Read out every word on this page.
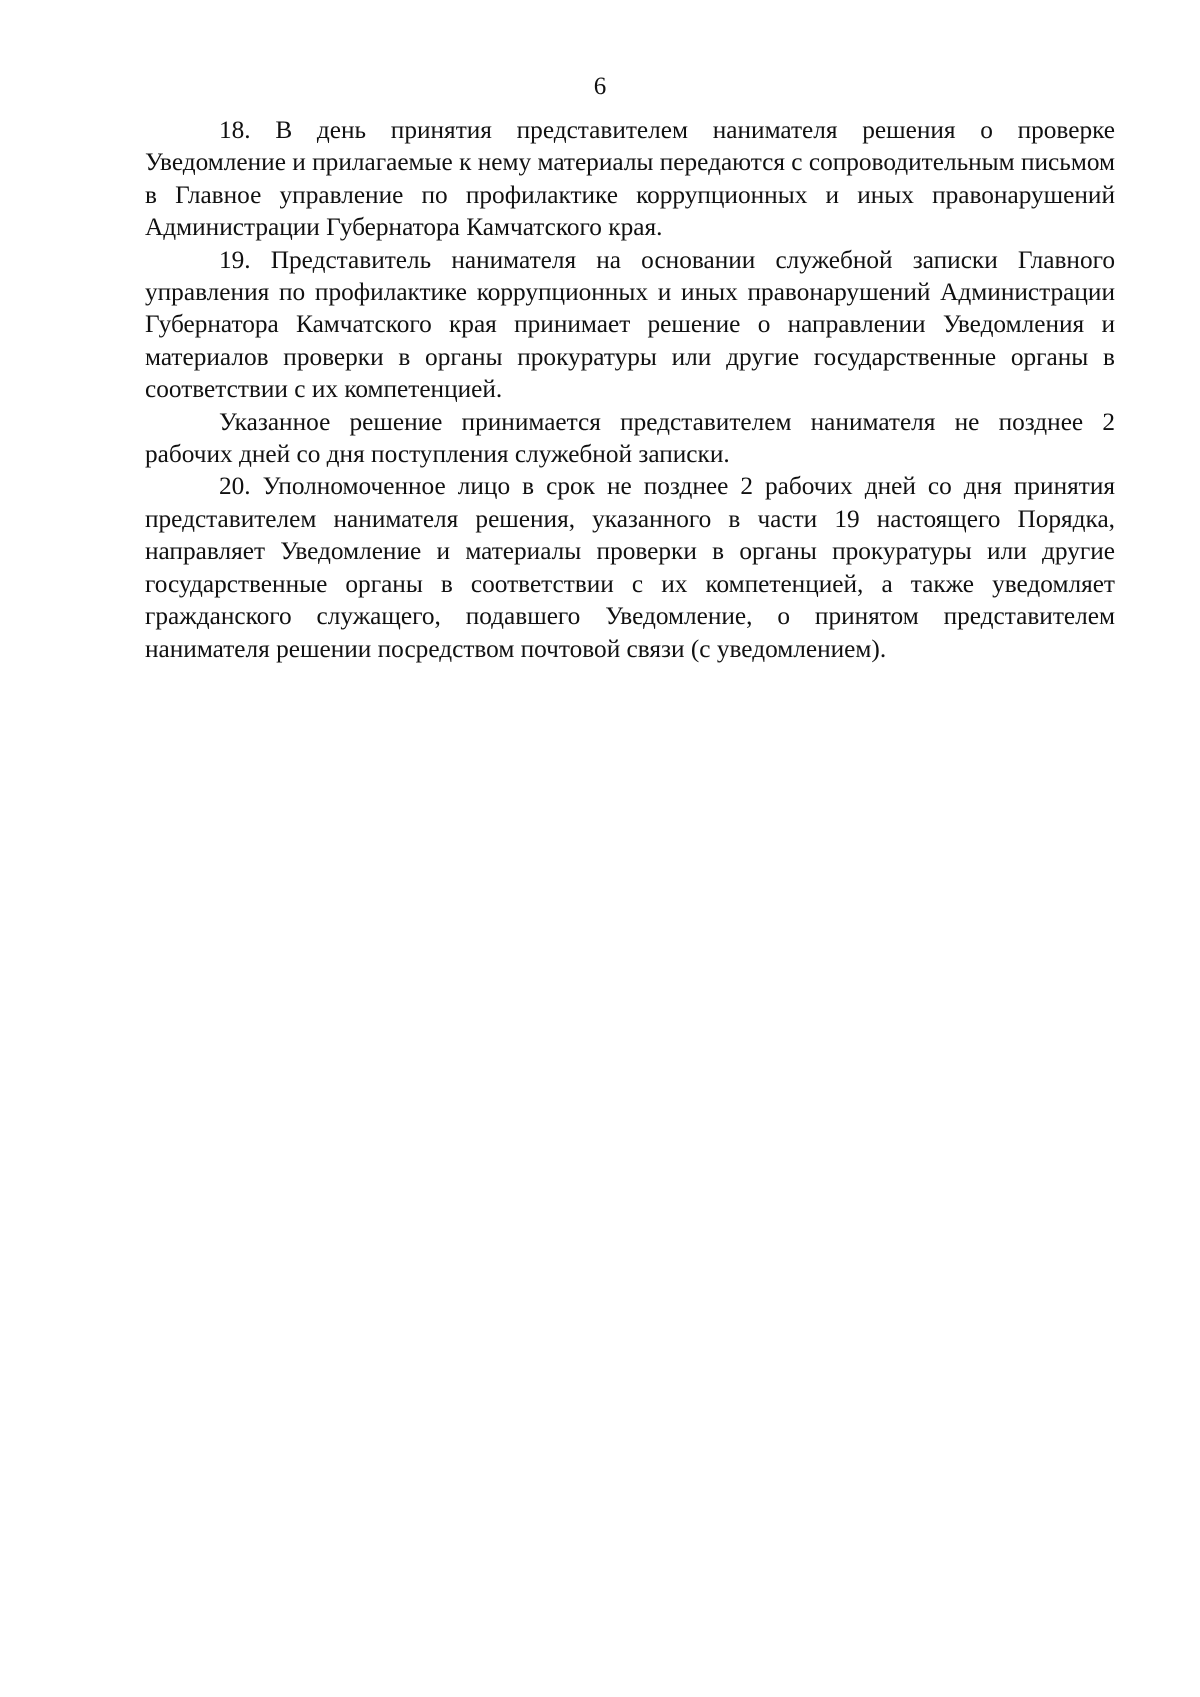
6

18. В день принятия представителем нанимателя решения о проверке Уведомление и прилагаемые к нему материалы передаются с сопроводительным письмом в Главное управление по профилактике коррупционных и иных правонарушений Администрации Губернатора Камчатского края.

19. Представитель нанимателя на основании служебной записки Главного управления по профилактике коррупционных и иных правонарушений Администрации Губернатора Камчатского края принимает решение о направлении Уведомления и материалов проверки в органы прокуратуры или другие государственные органы в соответствии с их компетенцией.

Указанное решение принимается представителем нанимателя не позднее 2 рабочих дней со дня поступления служебной записки.

20. Уполномоченное лицо в срок не позднее 2 рабочих дней со дня принятия представителем нанимателя решения, указанного в части 19 настоящего Порядка, направляет Уведомление и материалы проверки в органы прокуратуры или другие государственные органы в соответствии с их компетенцией, а также уведомляет гражданского служащего, подавшего Уведомление, о принятом представителем нанимателя решении посредством почтовой связи (с уведомлением).
